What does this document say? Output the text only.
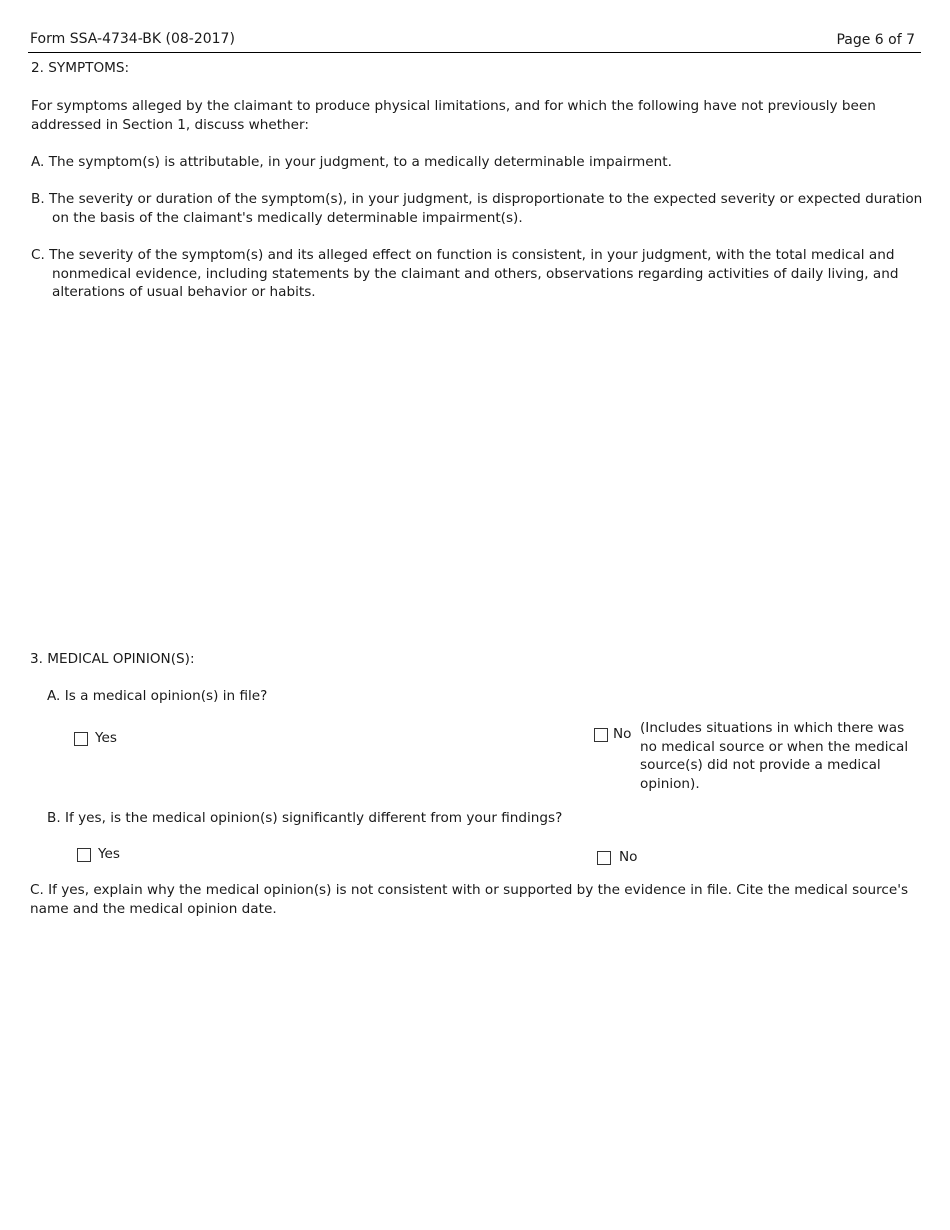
Form SSA-4734-BK (08-2017)	Page 6 of 7
2. SYMPTOMS:
For symptoms alleged by the claimant to produce physical limitations, and for which the following have not previously been addressed in Section 1, discuss whether:
A. The symptom(s) is attributable, in your judgment, to a medically determinable impairment.
B. The severity or duration of the symptom(s), in your judgment, is disproportionate to the expected severity or expected duration on the basis of the claimant's medically determinable impairment(s).
C. The severity of the symptom(s) and its alleged effect on function is consistent, in your judgment, with the total medical and nonmedical evidence, including statements by the claimant and others, observations regarding activities of daily living, and alterations of usual behavior or habits.
3. MEDICAL OPINION(S):
A. Is a medical opinion(s) in file?
Yes	No (Includes situations in which there was no medical source or when the medical source(s) did not provide a medical opinion).
B. If yes, is the medical opinion(s) significantly different from your findings?
Yes	No
C. If yes, explain why the medical opinion(s) is not consistent with or supported by the evidence in file. Cite the medical source's name and the medical opinion date.
